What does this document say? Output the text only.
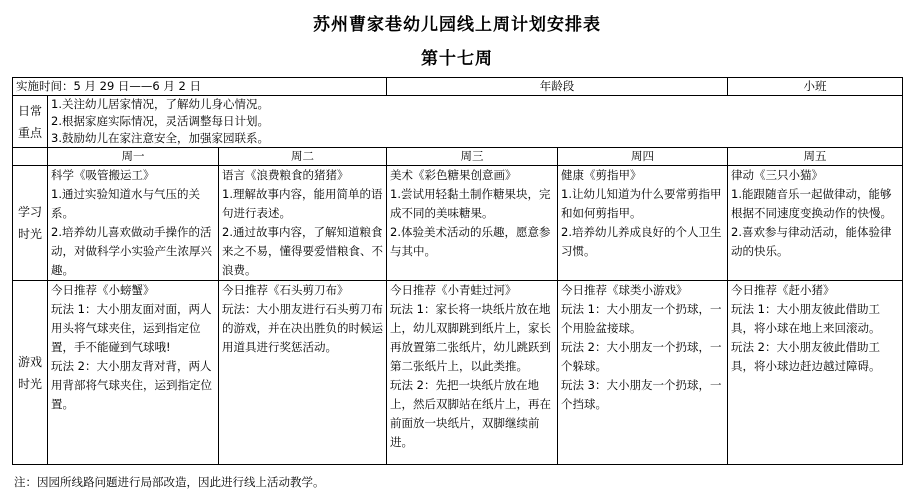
苏州曹家巷幼儿园线上周计划安排表
第十七周
实施时间：5 月 29 日——6 月 2 日			年龄段		小班

日常
重点	1.关注幼儿居家情况，了解幼儿身心情况。
2.根据家庭实际情况，灵活调整每日计划。
3.鼓励幼儿在家注意安全，加强家园联系。				

	周一	周二	周三	周四	周五

学习
时光	科学《吸管搬运工》
1.通过实验知道水与气压的关系。
2.培养幼儿喜欢做动手操作的活动，对做科学小实验产生浓厚兴趣。	语言《浪费粮食的猪猪》
1.理解故事内容，能用简单的语句进行表述。
2.通过故事内容，了解知道粮食来之不易，懂得要爱惜粮食、不浪费。	美术《彩色糖果创意画》
1.尝试用轻黏土制作糖果块，完成不同的美味糖果。
2.体验美术活动的乐趣，愿意参与其中。	健康《剪指甲》
1.让幼儿知道为什么要常剪指甲和如何剪指甲。
2.培养幼儿养成良好的个人卫生习惯。	律动《三只小猫》
1.能跟随音乐一起做律动，能够根据不同速度变换动作的快慢。
2.喜欢参与律动活动，能体验律动的快乐。

游戏
时光	今日推荐《小螃蟹》
玩法 1：大小朋友面对面，两人用头将气球夹住，运到指定位置，手不能碰到气球哦!
玩法 2：大小朋友背对背，两人用背部将气球夹住，运到指定位置。	今日推荐《石头剪刀布》
玩法：大小朋友进行石头剪刀布的游戏，并在决出胜负的时候运用道具进行奖惩活动。	今日推荐《小青蛙过河》
玩法 1：家长将一块纸片放在地上，幼儿双脚跳到纸片上，家长再放置第二张纸片，幼儿跳跃到第二张纸片上，以此类推。
玩法 2：先把一块纸片放在地上，然后双脚站在纸片上，再在前面放一块纸片，双脚继续前进。	今日推荐《球类小游戏》
玩法 1：大小朋友一个扔球，一个用脸盆接球。
玩法 2：大小朋友一个扔球，一个躲球。
玩法 3：大小朋友一个扔球，一个挡球。	今日推荐《赶小猪》
玩法 1：大小朋友彼此借助工具，将小球在地上来回滚动。
玩法 2：大小朋友彼此借助工具，将小球边赶边越过障碍。
注：因园所线路问题进行局部改造，因此进行线上活动教学。
